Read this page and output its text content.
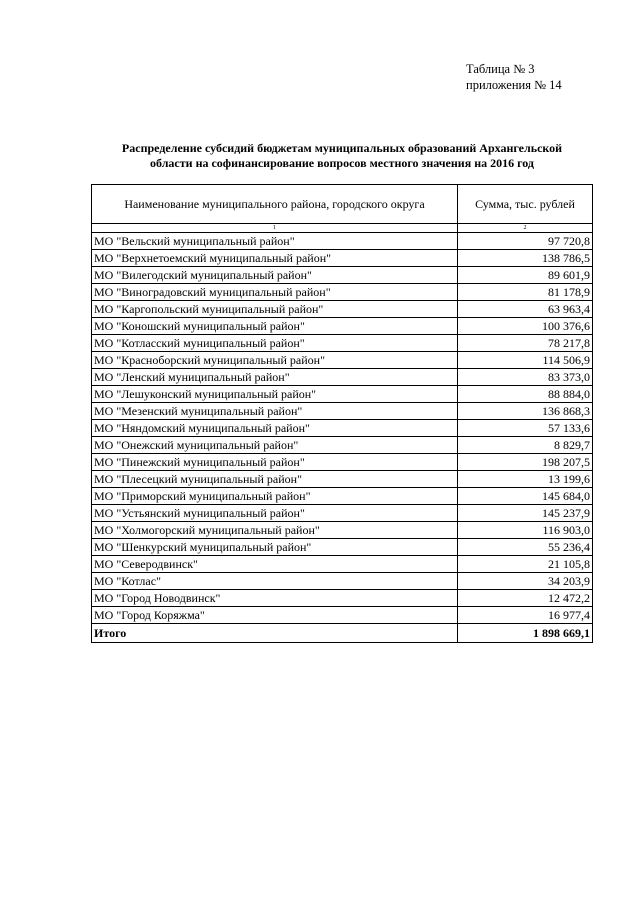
Таблица № 3
приложения № 14
Распределение субсидий бюджетам муниципальных образований Архангельской
области на софинансирование вопросов местного значения на 2016 год
Наименование муниципального района, городского округа	Сумма, тыс. рублей
1	2
МО "Вельский муниципальный район"	97 720,8
МО "Верхнетоемский муниципальный район"	138 786,5
МО "Вилегодский муниципальный район"	89 601,9
МО "Виноградовский муниципальный район"	81 178,9
МО "Каргопольский муниципальный район"	63 963,4
МО "Коношский муниципальный район"	100 376,6
МО "Котласский муниципальный район"	78 217,8
МО "Красноборский муниципальный район"	114 506,9
МО "Ленский муниципальный район"	83 373,0
МО "Лешуконский муниципальный район"	88 884,0
МО "Мезенский муниципальный район"	136 868,3
МО "Няндомский муниципальный район"	57 133,6
МО "Онежский муниципальный район"	8 829,7
МО "Пинежский муниципальный район"	198 207,5
МО "Плесецкий муниципальный район"	13 199,6
МО "Приморский муниципальный район"	145 684,0
МО "Устьянский муниципальный район"	145 237,9
МО "Холмогорский муниципальный район"	116 903,0
МО "Шенкурский муниципальный район"	55 236,4
МО "Северодвинск"	21 105,8
МО "Котлас"	34 203,9
МО "Город Новодвинск"	12 472,2
МО "Город Коряжма"	16 977,4
Итого	1 898 669,1
